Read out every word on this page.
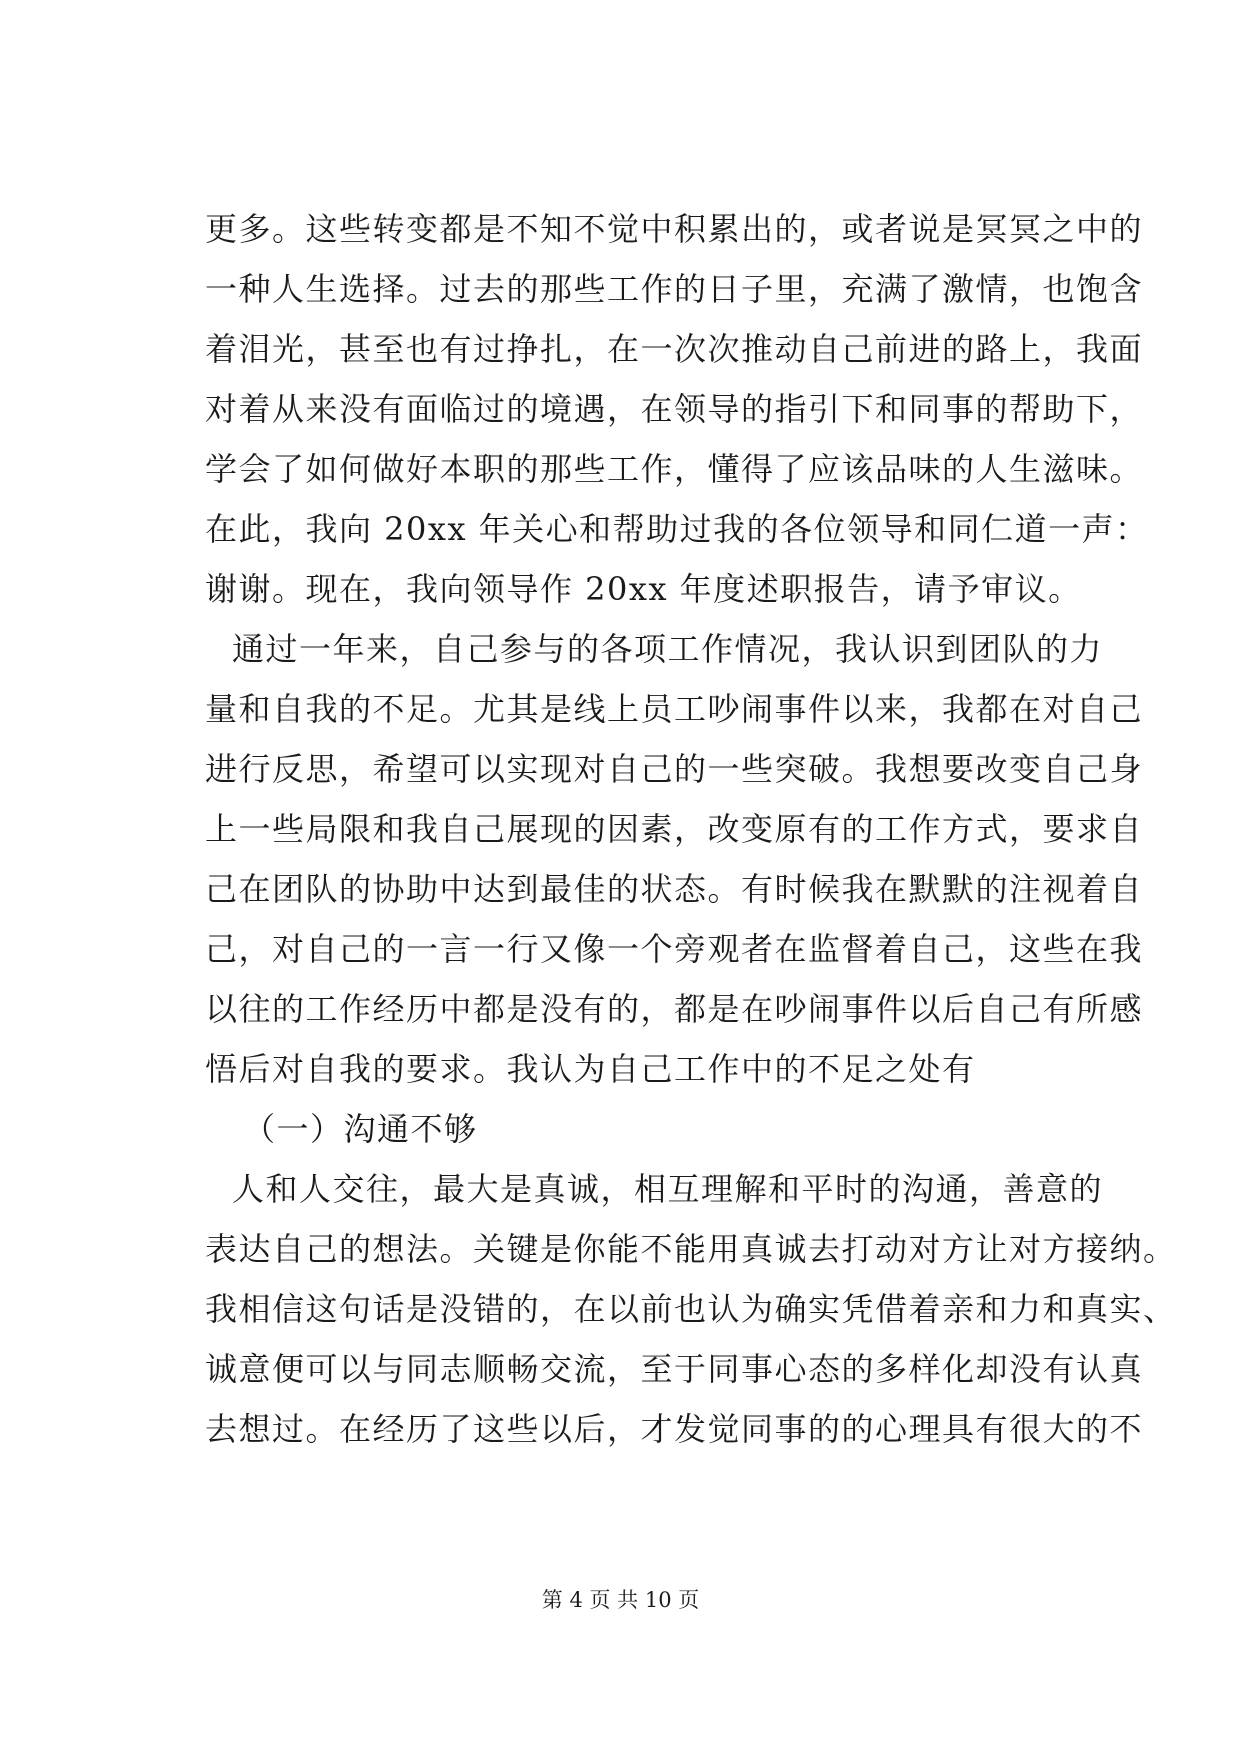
更多。这些转变都是不知不觉中积累出的，或者说是冥冥之中的
一种人生选择。过去的那些工作的日子里，充满了激情，也饱含
着泪光，甚至也有过挣扎，在一次次推动自己前进的路上，我面
对着从来没有面临过的境遇，在领导的指引下和同事的帮助下，
学会了如何做好本职的那些工作，懂得了应该品味的人生滋味。
在此，我向 20xx 年关心和帮助过我的各位领导和同仁道一声：
谢谢。现在，我向领导作 20xx 年度述职报告，请予审议。
通过一年来，自己参与的各项工作情况，我认识到团队的力
量和自我的不足。尤其是线上员工吵闹事件以来，我都在对自己
进行反思，希望可以实现对自己的一些突破。我想要改变自己身
上一些局限和我自己展现的因素，改变原有的工作方式，要求自
己在团队的协助中达到最佳的状态。有时候我在默默的注视着自
己，对自己的一言一行又像一个旁观者在监督着自己，这些在我
以往的工作经历中都是没有的，都是在吵闹事件以后自己有所感
悟后对自我的要求。我认为自己工作中的不足之处有
（一）沟通不够
人和人交往，最大是真诚，相互理解和平时的沟通，善意的
表达自己的想法。关键是你能不能用真诚去打动对方让对方接纳。
我相信这句话是没错的，在以前也认为确实凭借着亲和力和真实、
诚意便可以与同志顺畅交流，至于同事心态的多样化却没有认真
去想过。在经历了这些以后，才发觉同事的的心理具有很大的不
第 4 页 共 10 页
